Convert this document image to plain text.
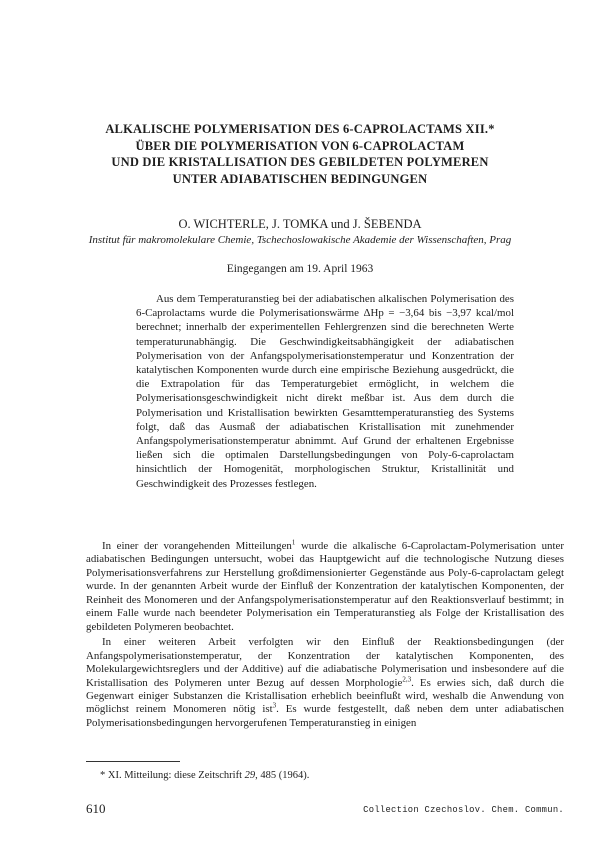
ALKALISCHE POLYMERISATION DES 6-CAPROLACTAMS XII.*
ÜBER DIE POLYMERISATION VON 6-CAPROLACTAM
UND DIE KRISTALLISATION DES GEBILDETEN POLYMEREN
UNTER ADIABATISCHEN BEDINGUNGEN
O. WICHTERLE, J. TOMKA und J. ŠEBENDA
Institut für makromolekulare Chemie, Tschechoslowakische Akademie der Wissenschaften, Prag
Eingegangen am 19. April 1963

Aus dem Temperaturanstieg bei der adiabatischen alkalischen Polymerisation des 6-Caprolactams wurde die Polymerisationswärme ΔHp = −3,64 bis −3,97 kcal/mol berechnet; innerhalb der experimentellen Fehlergrenzen sind die berechneten Werte temperaturunabhängig. Die Geschwindigkeitsabhängigkeit der adiabatischen Polymerisation von der Anfangspolymerisationstemperatur und Konzentration der katalytischen Komponenten wurde durch eine empirische Beziehung ausgedrückt, die die Extrapolation für das Temperaturgebiet ermöglicht, in welchem die Polymerisationsgeschwindigkeit nicht direkt meßbar ist. Aus dem durch die Polymerisation und Kristallisation bewirkten Gesamttemperaturanstieg des Systems folgt, daß das Ausmaß der adiabatischen Kristallisation mit zunehmender Anfangspolymerisationstemperatur abnimmt. Auf Grund der erhaltenen Ergebnisse ließen sich die optimalen Darstellungsbedingungen von Poly-6-caprolactam hinsichtlich der Homogenität, morphologischen Struktur, Kristallinität und Geschwindigkeit des Prozesses festlegen.

In einer der vorangehenden Mitteilungen$^1$ wurde die alkalische 6-Caprolactam-Polymerisation unter adiabatischen Bedingungen untersucht, wobei das Hauptgewicht auf die technologische Nutzung dieses Polymerisationsverfahrens zur Herstellung großdimensionierter Gegenstände aus Poly-6-caprolactam gelegt wurde. In der genannten Arbeit wurde der Einfluß der Konzentration der katalytischen Komponenten, der Reinheit des Monomeren und der Anfangspolymerisationstemperatur auf den Reaktionsverlauf bestimmt; in einem Falle wurde nach beendeter Polymerisation ein Temperaturanstieg als Folge der Kristallisation des gebildeten Polymeren beobachtet.

In einer weiteren Arbeit verfolgten wir den Einfluß der Reaktionsbedingungen (der Anfangspolymerisationstemperatur, der Konzentration der katalytischen Komponenten, des Molekulargewichtsreglers und der Additive) auf die adiabatische Polymerisation und insbesondere auf die Kristallisation des Polymeren unter Bezug auf dessen Morphologie$^{2,3}$. Es erwies sich, daß durch die Gegenwart einiger Substanzen die Kristallisation erheblich beeinflußt wird, weshalb die Anwendung von möglichst reinem Monomeren nötig ist$^3$. Es wurde festgestellt, daß neben dem unter adiabatischen Polymerisationsbedingungen hervorgerufenen Temperaturanstieg in einigen

* XI. Mitteilung: diese Zeitschrift 29, 485 (1964).
610	Collection Czechoslov. Chem. Commun.
